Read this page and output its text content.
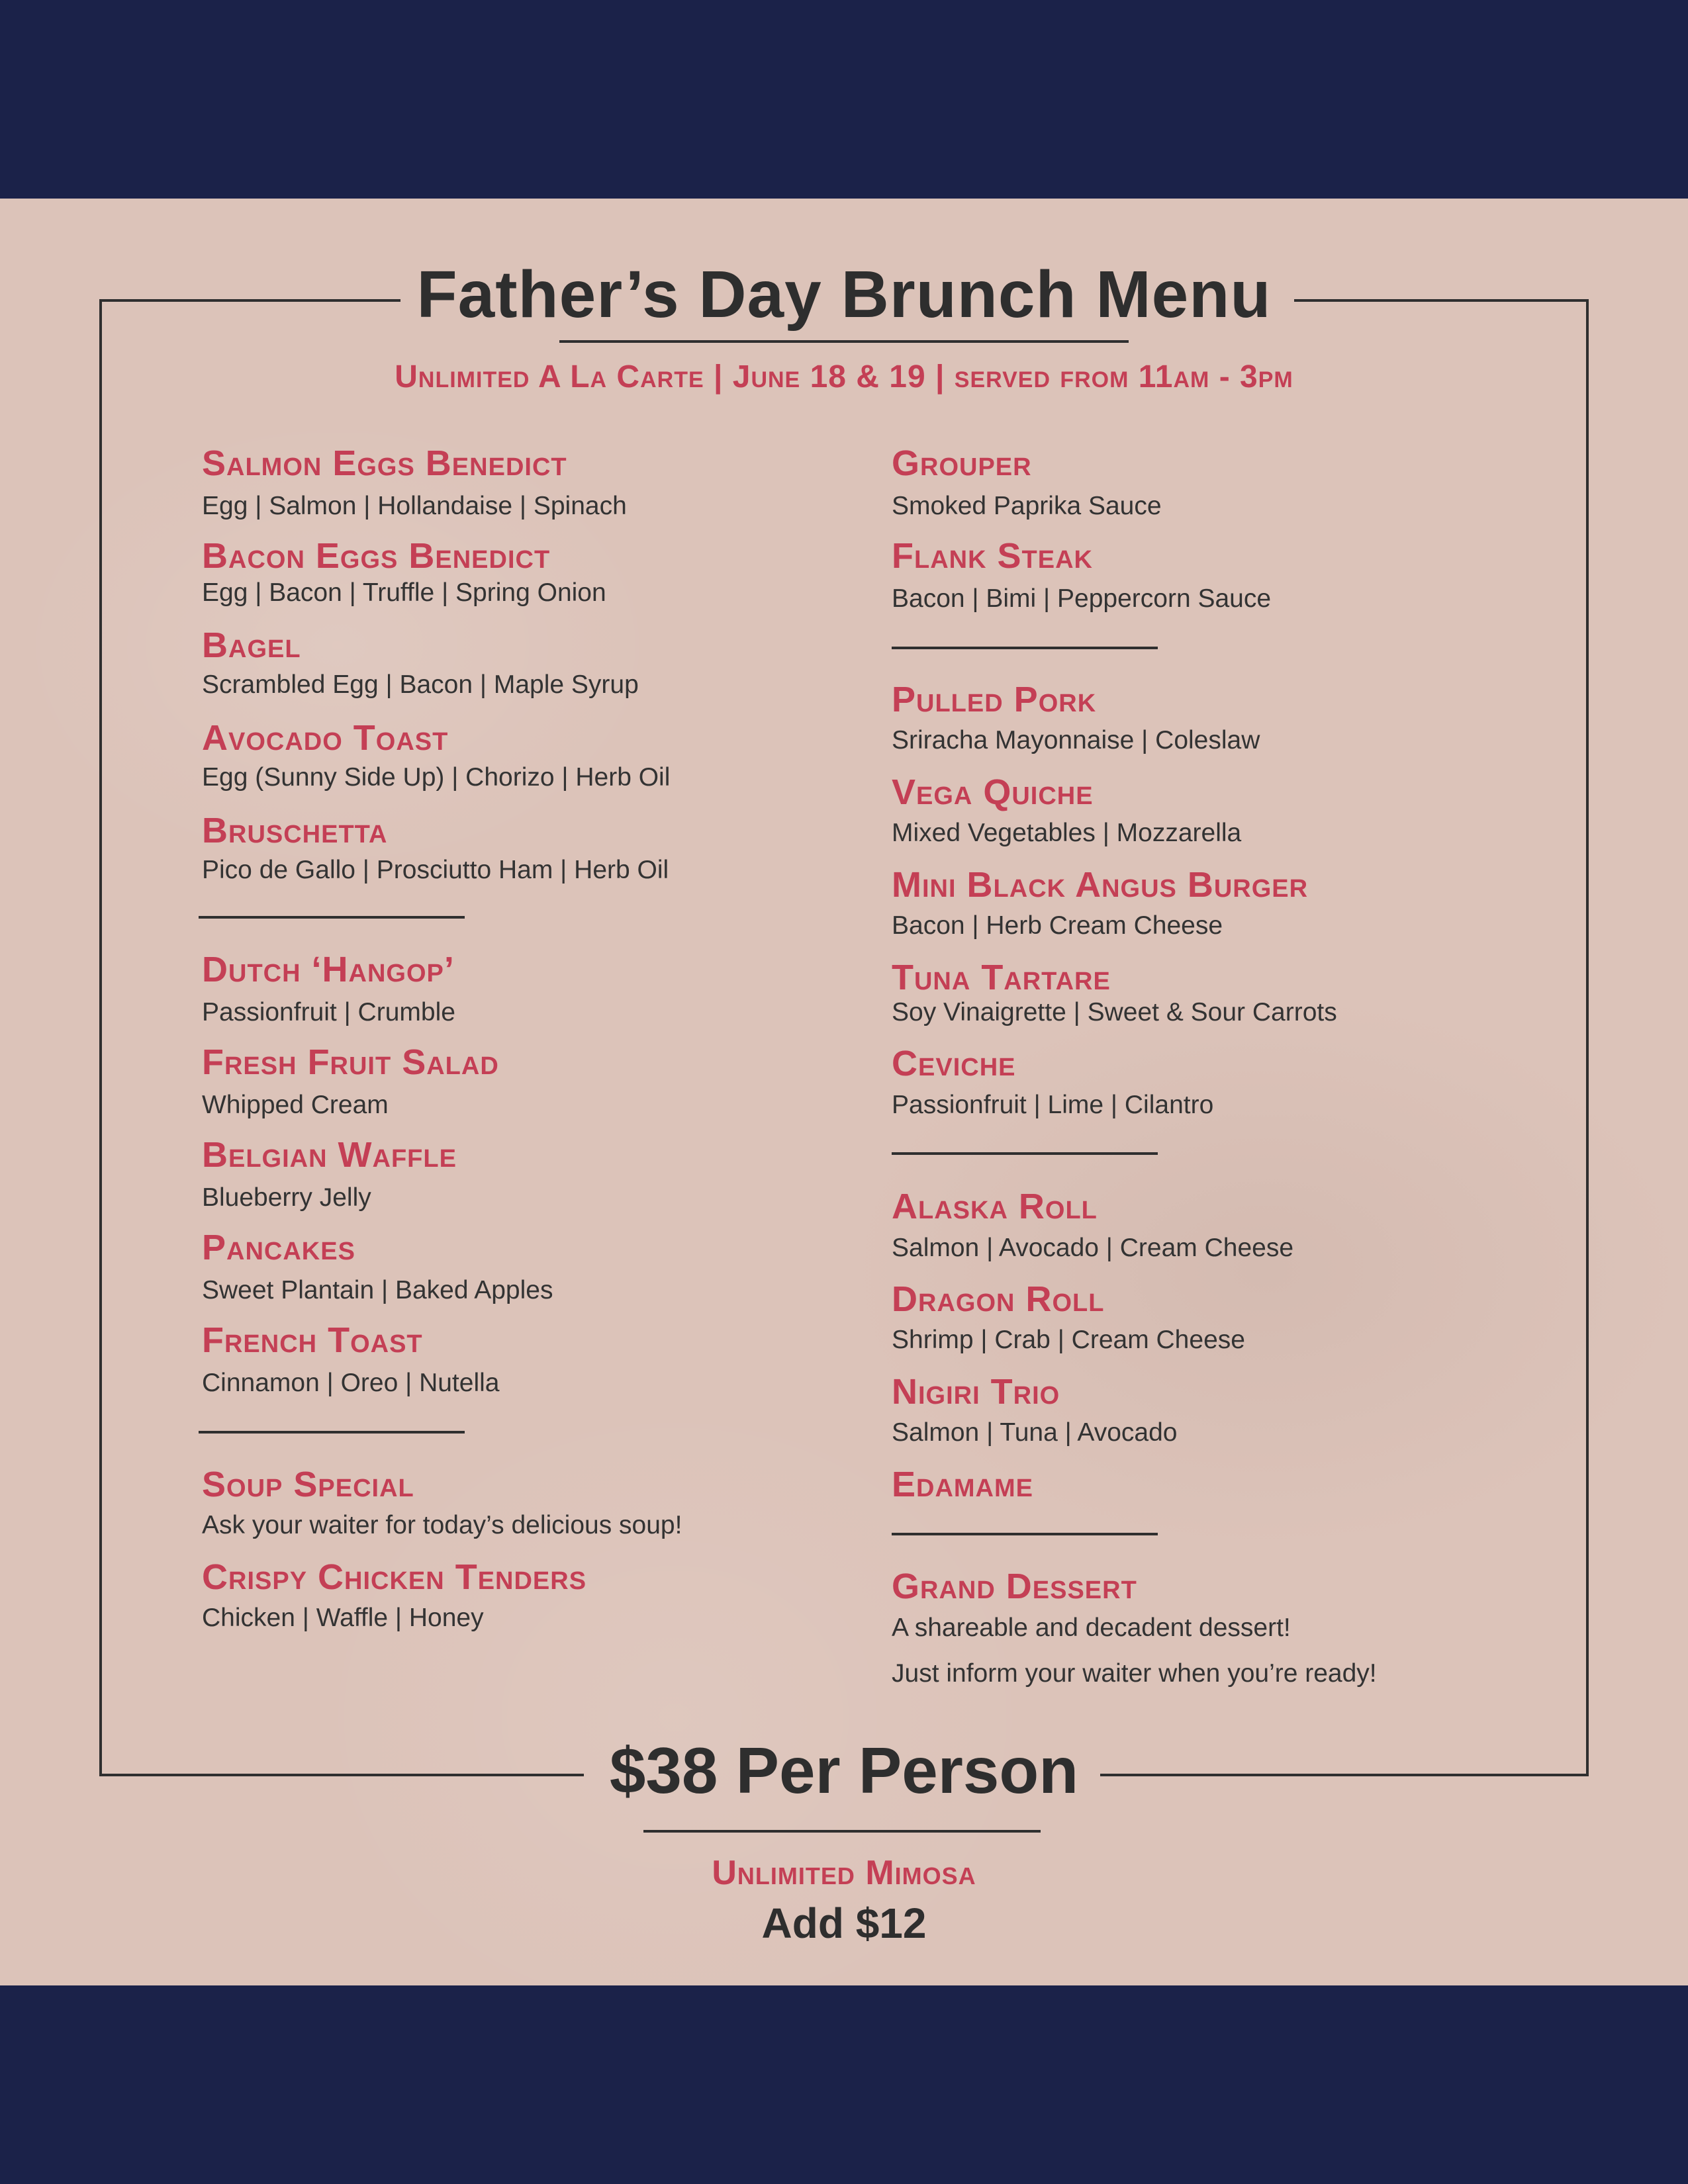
Father’s Day Brunch Menu
Unlimited A La Carte | June 18 & 19 | served from 11am - 3pm
Salmon Eggs Benedict
Egg | Salmon | Hollandaise | Spinach
Bacon Eggs Benedict
Egg | Bacon | Truffle | Spring Onion
Bagel
Scrambled Egg | Bacon | Maple Syrup
Avocado Toast
Egg (Sunny Side Up) | Chorizo | Herb Oil
Bruschetta
Pico de Gallo | Prosciutto Ham | Herb Oil
Dutch ‘Hangop’
Passionfruit | Crumble
Fresh Fruit Salad
Whipped Cream
Belgian Waffle
Blueberry Jelly
Pancakes
Sweet Plantain | Baked Apples
French Toast
Cinnamon | Oreo | Nutella
Soup Special
Ask your waiter for today’s delicious soup!
Crispy Chicken Tenders
Chicken | Waffle | Honey
Grouper
Smoked Paprika Sauce
Flank Steak
Bacon | Bimi | Peppercorn Sauce
Pulled Pork
Sriracha Mayonnaise | Coleslaw
Vega Quiche
Mixed Vegetables | Mozzarella
Mini Black Angus Burger
Bacon | Herb Cream Cheese
Tuna Tartare
Soy Vinaigrette | Sweet & Sour Carrots
Ceviche
Passionfruit | Lime | Cilantro
Alaska Roll
Salmon | Avocado | Cream Cheese
Dragon Roll
Shrimp | Crab | Cream Cheese
Nigiri Trio
Salmon | Tuna | Avocado
Edamame
Grand Dessert
A shareable and decadent dessert!
Just inform your waiter when you’re ready!
$38 Per Person
Unlimited Mimosa
Add $12
